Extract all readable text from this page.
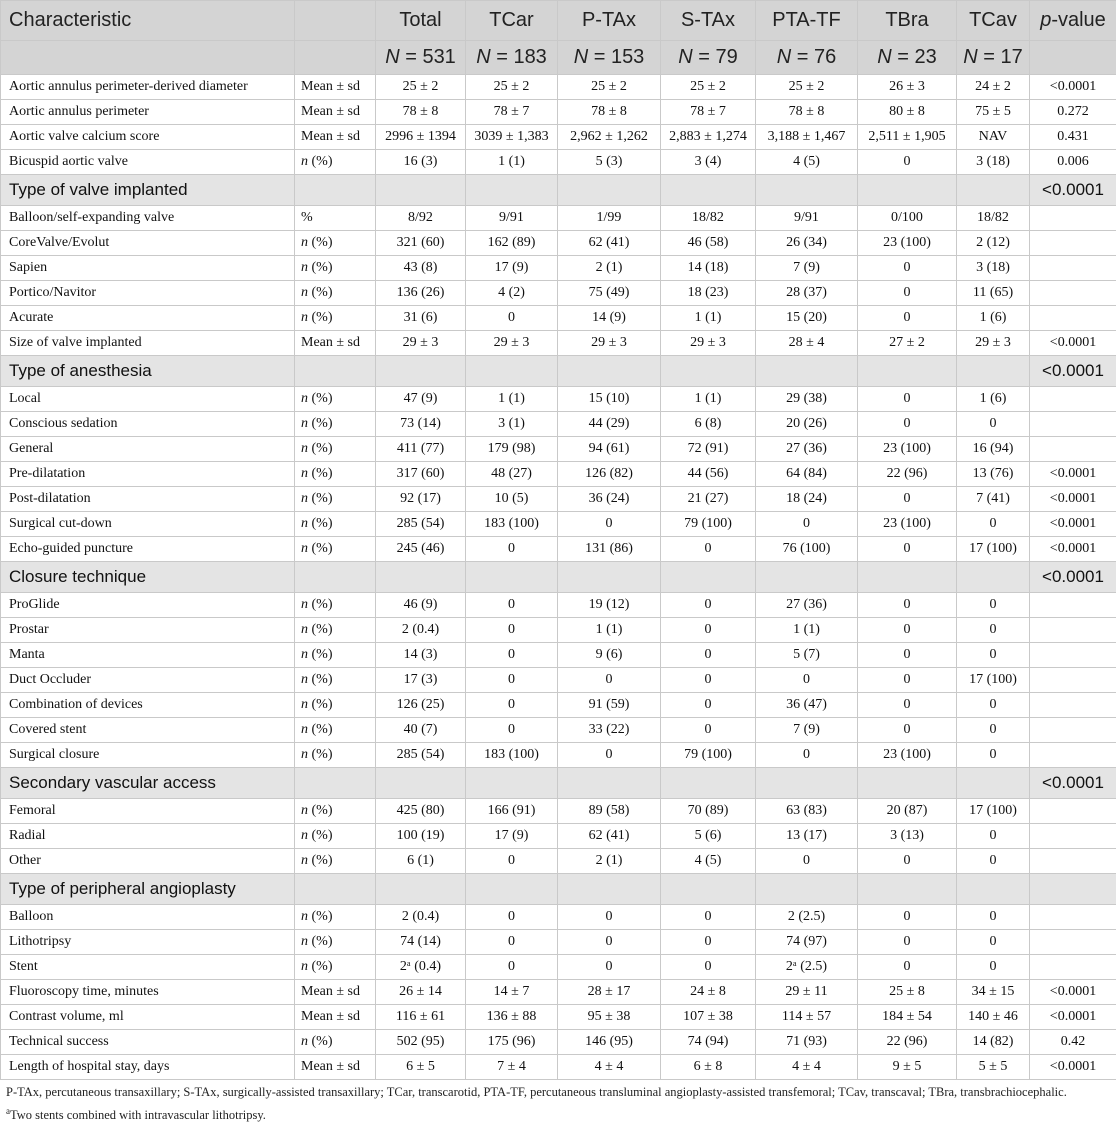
Characteristic		Total	TCar	P-TAx	S-TAx	PTA-TF	TBra	TCav	p-value
		N = 531	N = 183	N = 153	N = 79	N = 76	N = 23	N = 17	
Aortic annulus perimeter-derived diameter	Mean ± sd	25 ± 2	25 ± 2	25 ± 2	25 ± 2	25 ± 2	26 ± 3	24 ± 2	<0.0001
Aortic annulus perimeter	Mean ± sd	78 ± 8	78 ± 7	78 ± 8	78 ± 7	78 ± 8	80 ± 8	75 ± 5	0.272
Aortic valve calcium score	Mean ± sd	2996 ± 1394	3039 ± 1,383	2,962 ± 1,262	2,883 ± 1,274	3,188 ± 1,467	2,511 ± 1,905	NAV	0.431
Bicuspid aortic valve	n (%)	16 (3)	1 (1)	5 (3)	3 (4)	4 (5)	0	3 (18)	0.006
Type of valve implanted									<0.0001
Balloon/self-expanding valve	%	8/92	9/91	1/99	18/82	9/91	0/100	18/82	
CoreValve/Evolut	n (%)	321 (60)	162 (89)	62 (41)	46 (58)	26 (34)	23 (100)	2 (12)	
Sapien	n (%)	43 (8)	17 (9)	2 (1)	14 (18)	7 (9)	0	3 (18)	
Portico/Navitor	n (%)	136 (26)	4 (2)	75 (49)	18 (23)	28 (37)	0	11 (65)	
Acurate	n (%)	31 (6)	0	14 (9)	1 (1)	15 (20)	0	1 (6)	
Size of valve implanted	Mean ± sd	29 ± 3	29 ± 3	29 ± 3	29 ± 3	28 ± 4	27 ± 2	29 ± 3	<0.0001
Type of anesthesia									<0.0001
Local	n (%)	47 (9)	1 (1)	15 (10)	1 (1)	29 (38)	0	1 (6)	
Conscious sedation	n (%)	73 (14)	3 (1)	44 (29)	6 (8)	20 (26)	0	0	
General	n (%)	411 (77)	179 (98)	94 (61)	72 (91)	27 (36)	23 (100)	16 (94)	
Pre-dilatation	n (%)	317 (60)	48 (27)	126 (82)	44 (56)	64 (84)	22 (96)	13 (76)	<0.0001
Post-dilatation	n (%)	92 (17)	10 (5)	36 (24)	21 (27)	18 (24)	0	7 (41)	<0.0001
Surgical cut-down	n (%)	285 (54)	183 (100)	0	79 (100)	0	23 (100)	0	<0.0001
Echo-guided puncture	n (%)	245 (46)	0	131 (86)	0	76 (100)	0	17 (100)	<0.0001
Closure technique									<0.0001
ProGlide	n (%)	46 (9)	0	19 (12)	0	27 (36)	0	0	
Prostar	n (%)	2 (0.4)	0	1 (1)	0	1 (1)	0	0	
Manta	n (%)	14 (3)	0	9 (6)	0	5 (7)	0	0	
Duct Occluder	n (%)	17 (3)	0	0	0	0	0	17 (100)	
Combination of devices	n (%)	126 (25)	0	91 (59)	0	36 (47)	0	0	
Covered stent	n (%)	40 (7)	0	33 (22)	0	7 (9)	0	0	
Surgical closure	n (%)	285 (54)	183 (100)	0	79 (100)	0	23 (100)	0	
Secondary vascular access									<0.0001
Femoral	n (%)	425 (80)	166 (91)	89 (58)	70 (89)	63 (83)	20 (87)	17 (100)	
Radial	n (%)	100 (19)	17 (9)	62 (41)	5 (6)	13 (17)	3 (13)	0	
Other	n (%)	6 (1)	0	2 (1)	4 (5)	0	0	0	
Type of peripheral angioplasty									
Balloon	n (%)	2 (0.4)	0	0	0	2 (2.5)	0	0	
Lithotripsy	n (%)	74 (14)	0	0	0	74 (97)	0	0	
Stent	n (%)	2ᵃ (0.4)	0	0	0	2ᵃ (2.5)	0	0	
Fluoroscopy time, minutes	Mean ± sd	26 ± 14	14 ± 7	28 ± 17	24 ± 8	29 ± 11	25 ± 8	34 ± 15	<0.0001
Contrast volume, ml	Mean ± sd	116 ± 61	136 ± 88	95 ± 38	107 ± 38	114 ± 57	184 ± 54	140 ± 46	<0.0001
Technical success	n (%)	502 (95)	175 (96)	146 (95)	74 (94)	71 (93)	22 (96)	14 (82)	0.42
Length of hospital stay, days	Mean ± sd	6 ± 5	7 ± 4	4 ± 4	6 ± 8	4 ± 4	9 ± 5	5 ± 5	<0.0001

P-TAx, percutaneous transaxillary; S-TAx, surgically-assisted transaxillary; TCar, transcarotid, PTA-TF, percutaneous transluminal angioplasty-assisted transfemoral; TCav, transcaval; TBra, transbrachiocephalic.

$^a$Two stents combined with intravascular lithotripsy.
